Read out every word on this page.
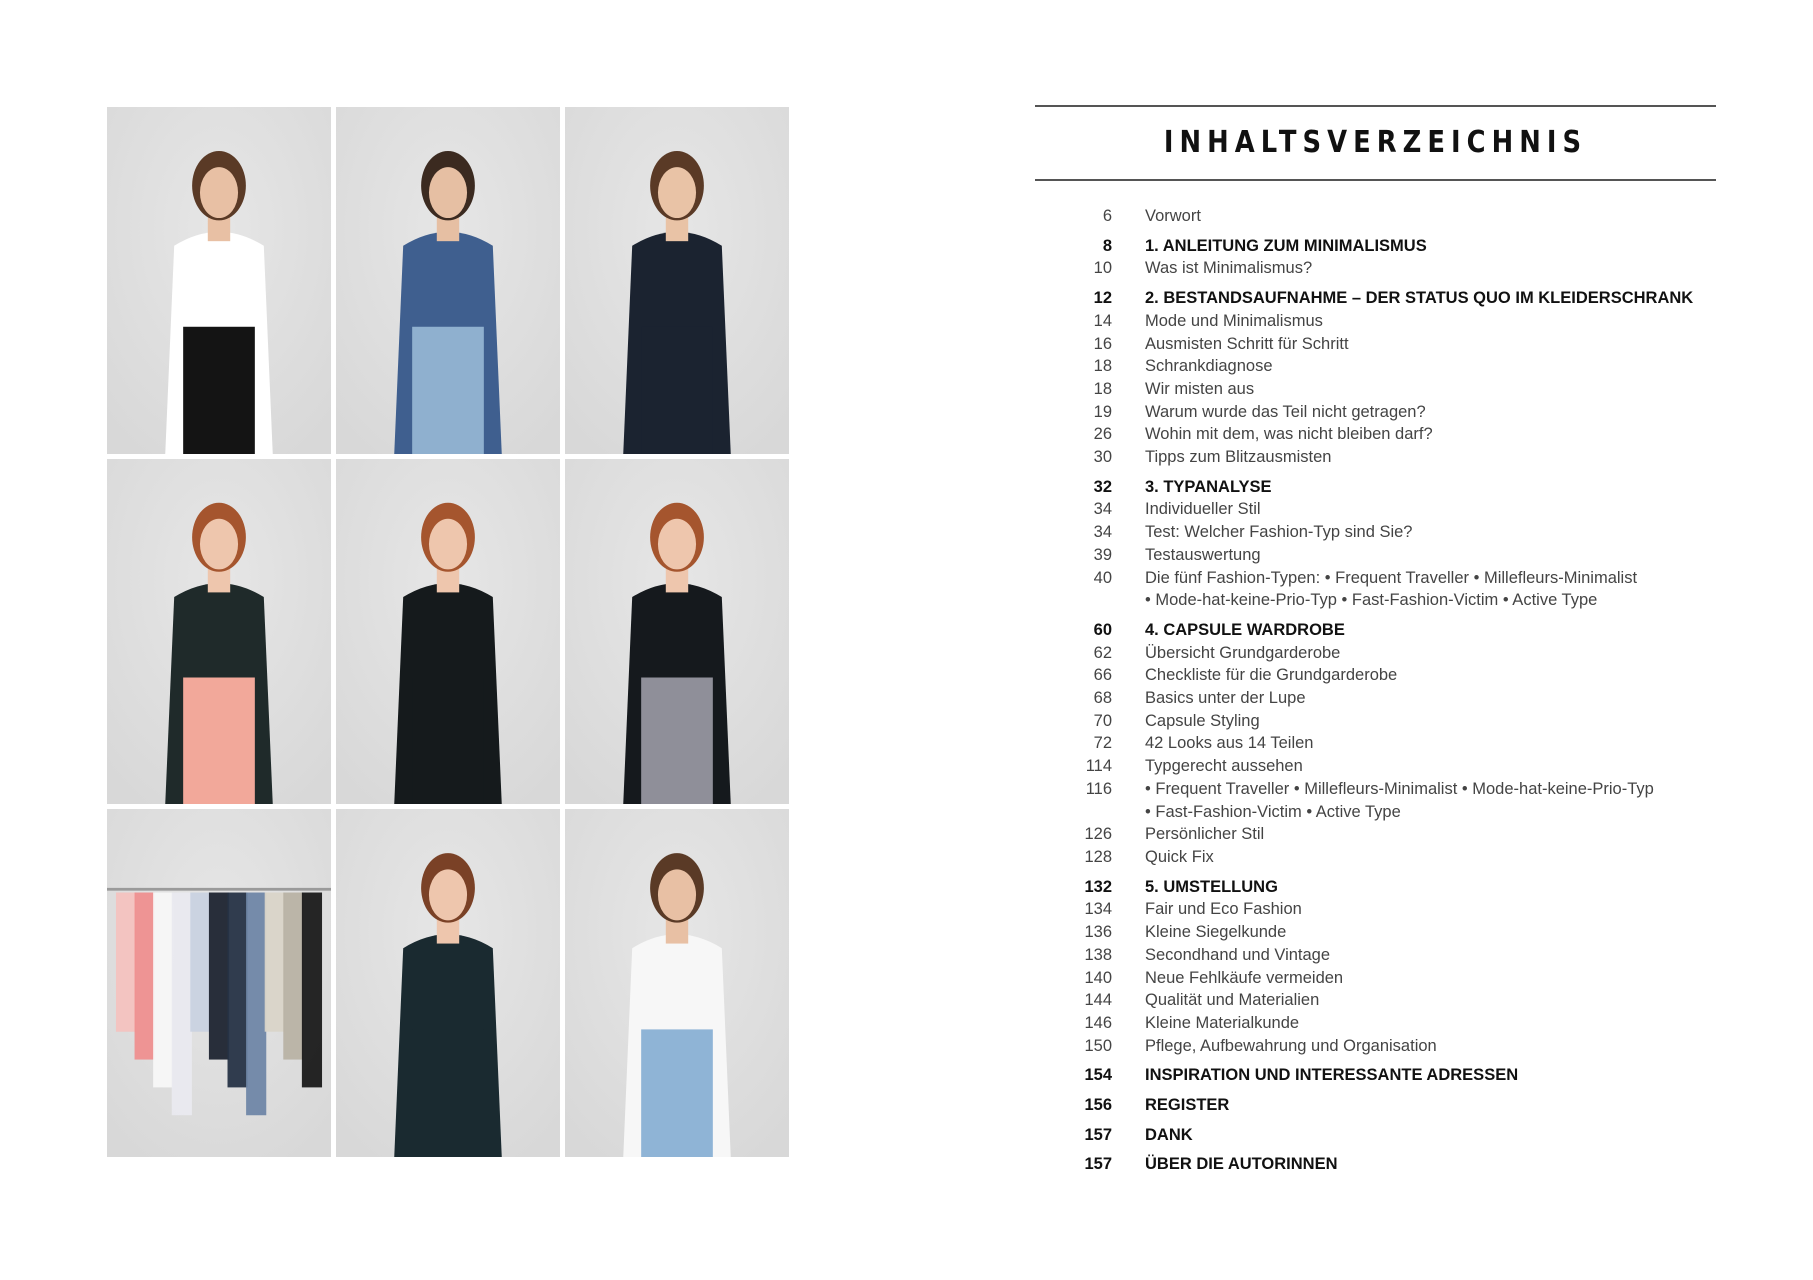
INHALTSVERZEICHNIS
6	Vorwort
8	1. ANLEITUNG ZUM MINIMALISMUS
10	Was ist Minimalismus?
12	2. BESTANDSAUFNAHME – DER STATUS QUO IM KLEIDERSCHRANK
14	Mode und Minimalismus
16	Ausmisten Schritt für Schritt
18	Schrankdiagnose
18	Wir misten aus
19	Warum wurde das Teil nicht getragen?
26	Wohin mit dem, was nicht bleiben darf?
30	Tipps zum Blitzausmisten
32	3. TYPANALYSE
34	Individueller Stil
34	Test: Welcher Fashion-Typ sind Sie?
39	Testauswertung
40	Die fünf Fashion-Typen: • Frequent Traveller • Millefleurs-Minimalist
• Mode-hat-keine-Prio-Typ • Fast-Fashion-Victim • Active Type
60	4. CAPSULE WARDROBE
62	Übersicht Grundgarderobe
66	Checkliste für die Grundgarderobe
68	Basics unter der Lupe
70	Capsule Styling
72	42 Looks aus 14 Teilen
114	Typgerecht aussehen
116	• Frequent Traveller • Millefleurs-Minimalist • Mode-hat-keine-Prio-Typ
• Fast-Fashion-Victim • Active Type
126	Persönlicher Stil
128	Quick Fix
132	5. UMSTELLUNG
134	Fair und Eco Fashion
136	Kleine Siegelkunde
138	Secondhand und Vintage
140	Neue Fehlkäufe vermeiden
144	Qualität und Materialien
146	Kleine Materialkunde
150	Pflege, Aufbewahrung und Organisation
154	INSPIRATION UND INTERESSANTE ADRESSEN
156	REGISTER
157	DANK
157	ÜBER DIE AUTORINNEN
